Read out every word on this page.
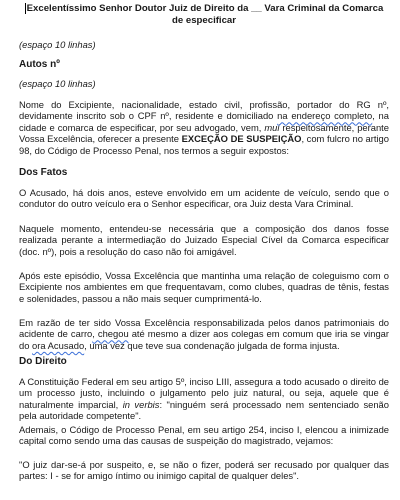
Excelentíssimo Senhor Doutor Juiz de Direito da __ Vara Criminal da Comarca
de especificar

(espaço 10 linhas)

Autos nº

(espaço 10 linhas)

Nome do Excipiente, nacionalidade, estado civil, profissão, portador do RG nº, devidamente inscrito sob o CPF nº, residente e domiciliado na endereço completo, na cidade e comarca de especificar, por seu advogado, vem, mui respeitosamente, perante Vossa Excelência, oferecer a presente EXCEÇÃO DE SUSPEIÇÃO, com fulcro no artigo 98, do Código de Processo Penal, nos termos a seguir expostos:

Dos Fatos

O Acusado, há dois anos, esteve envolvido em um acidente de veículo, sendo que o condutor do outro veículo era o Senhor especificar, ora Juiz desta Vara Criminal.

Naquele momento, entendeu-se necessária que a composição dos danos fosse realizada perante a intermediação do Juizado Especial Cível da Comarca especificar (doc. nº), pois a resolução do caso não foi amigável.

Após este episódio, Vossa Excelência que mantinha uma relação de coleguismo com o Excipiente nos ambientes em que frequentavam, como clubes, quadras de tênis, festas e solenidades, passou a não mais sequer cumprimentá-lo.

Em razão de ter sido Vossa Excelência responsabilizada pelos danos patrimoniais do acidente de carro, chegou até mesmo a dizer aos colegas em comum que iria se vingar do ora Acusado, uma vez que teve sua condenação julgada de forma injusta.

Do Direito

A Constituição Federal em seu artigo 5º, inciso LIII, assegura a todo acusado o direito de um processo justo, incluindo o julgamento pelo juiz natural, ou seja, aquele que é naturalmente imparcial, in verbis: "ninguém será processado nem sentenciado senão pela autoridade competente".

Ademais, o Código de Processo Penal, em seu artigo 254, inciso I, elencou a inimizade capital como sendo uma das causas de suspeição do magistrado, vejamos:

"O juiz dar-se-á por suspeito, e, se não o fizer, poderá ser recusado por qualquer das partes: I - se for amigo íntimo ou inimigo capital de qualquer deles".
